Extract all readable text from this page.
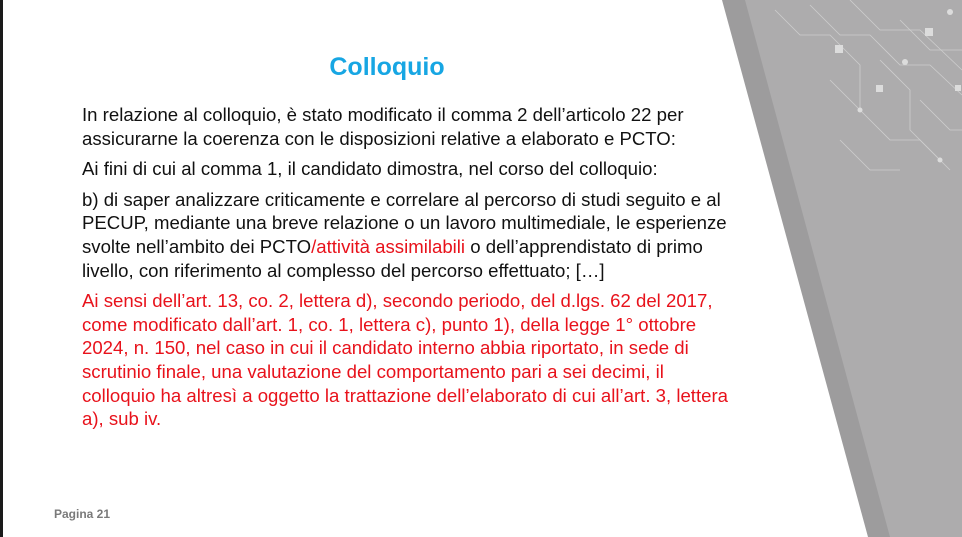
Colloquio

In relazione al colloquio, è stato modificato il comma 2 dell’articolo 22 per assicurarne la coerenza con le disposizioni relative a elaborato e PCTO:

Ai fini di cui al comma 1, il candidato dimostra, nel corso del colloquio:

b) di saper analizzare criticamente e correlare al percorso di studi seguito e al PECUP, mediante una breve relazione o un lavoro multimediale, le esperienze svolte nell’ambito dei PCTO/attività assimilabili o dell’apprendistato di primo livello, con riferimento al complesso del percorso effettuato; […]

Ai sensi dell’art. 13, co. 2, lettera d), secondo periodo, del d.lgs. 62 del 2017, come modificato dall’art. 1, co. 1, lettera c), punto 1), della legge 1° ottobre 2024, n. 150, nel caso in cui il candidato interno abbia riportato, in sede di scrutinio finale, una valutazione del comportamento pari a sei decimi, il colloquio ha altresì a oggetto la trattazione dell’elaborato di cui all’art. 3, lettera a), sub iv.

Pagina 21
